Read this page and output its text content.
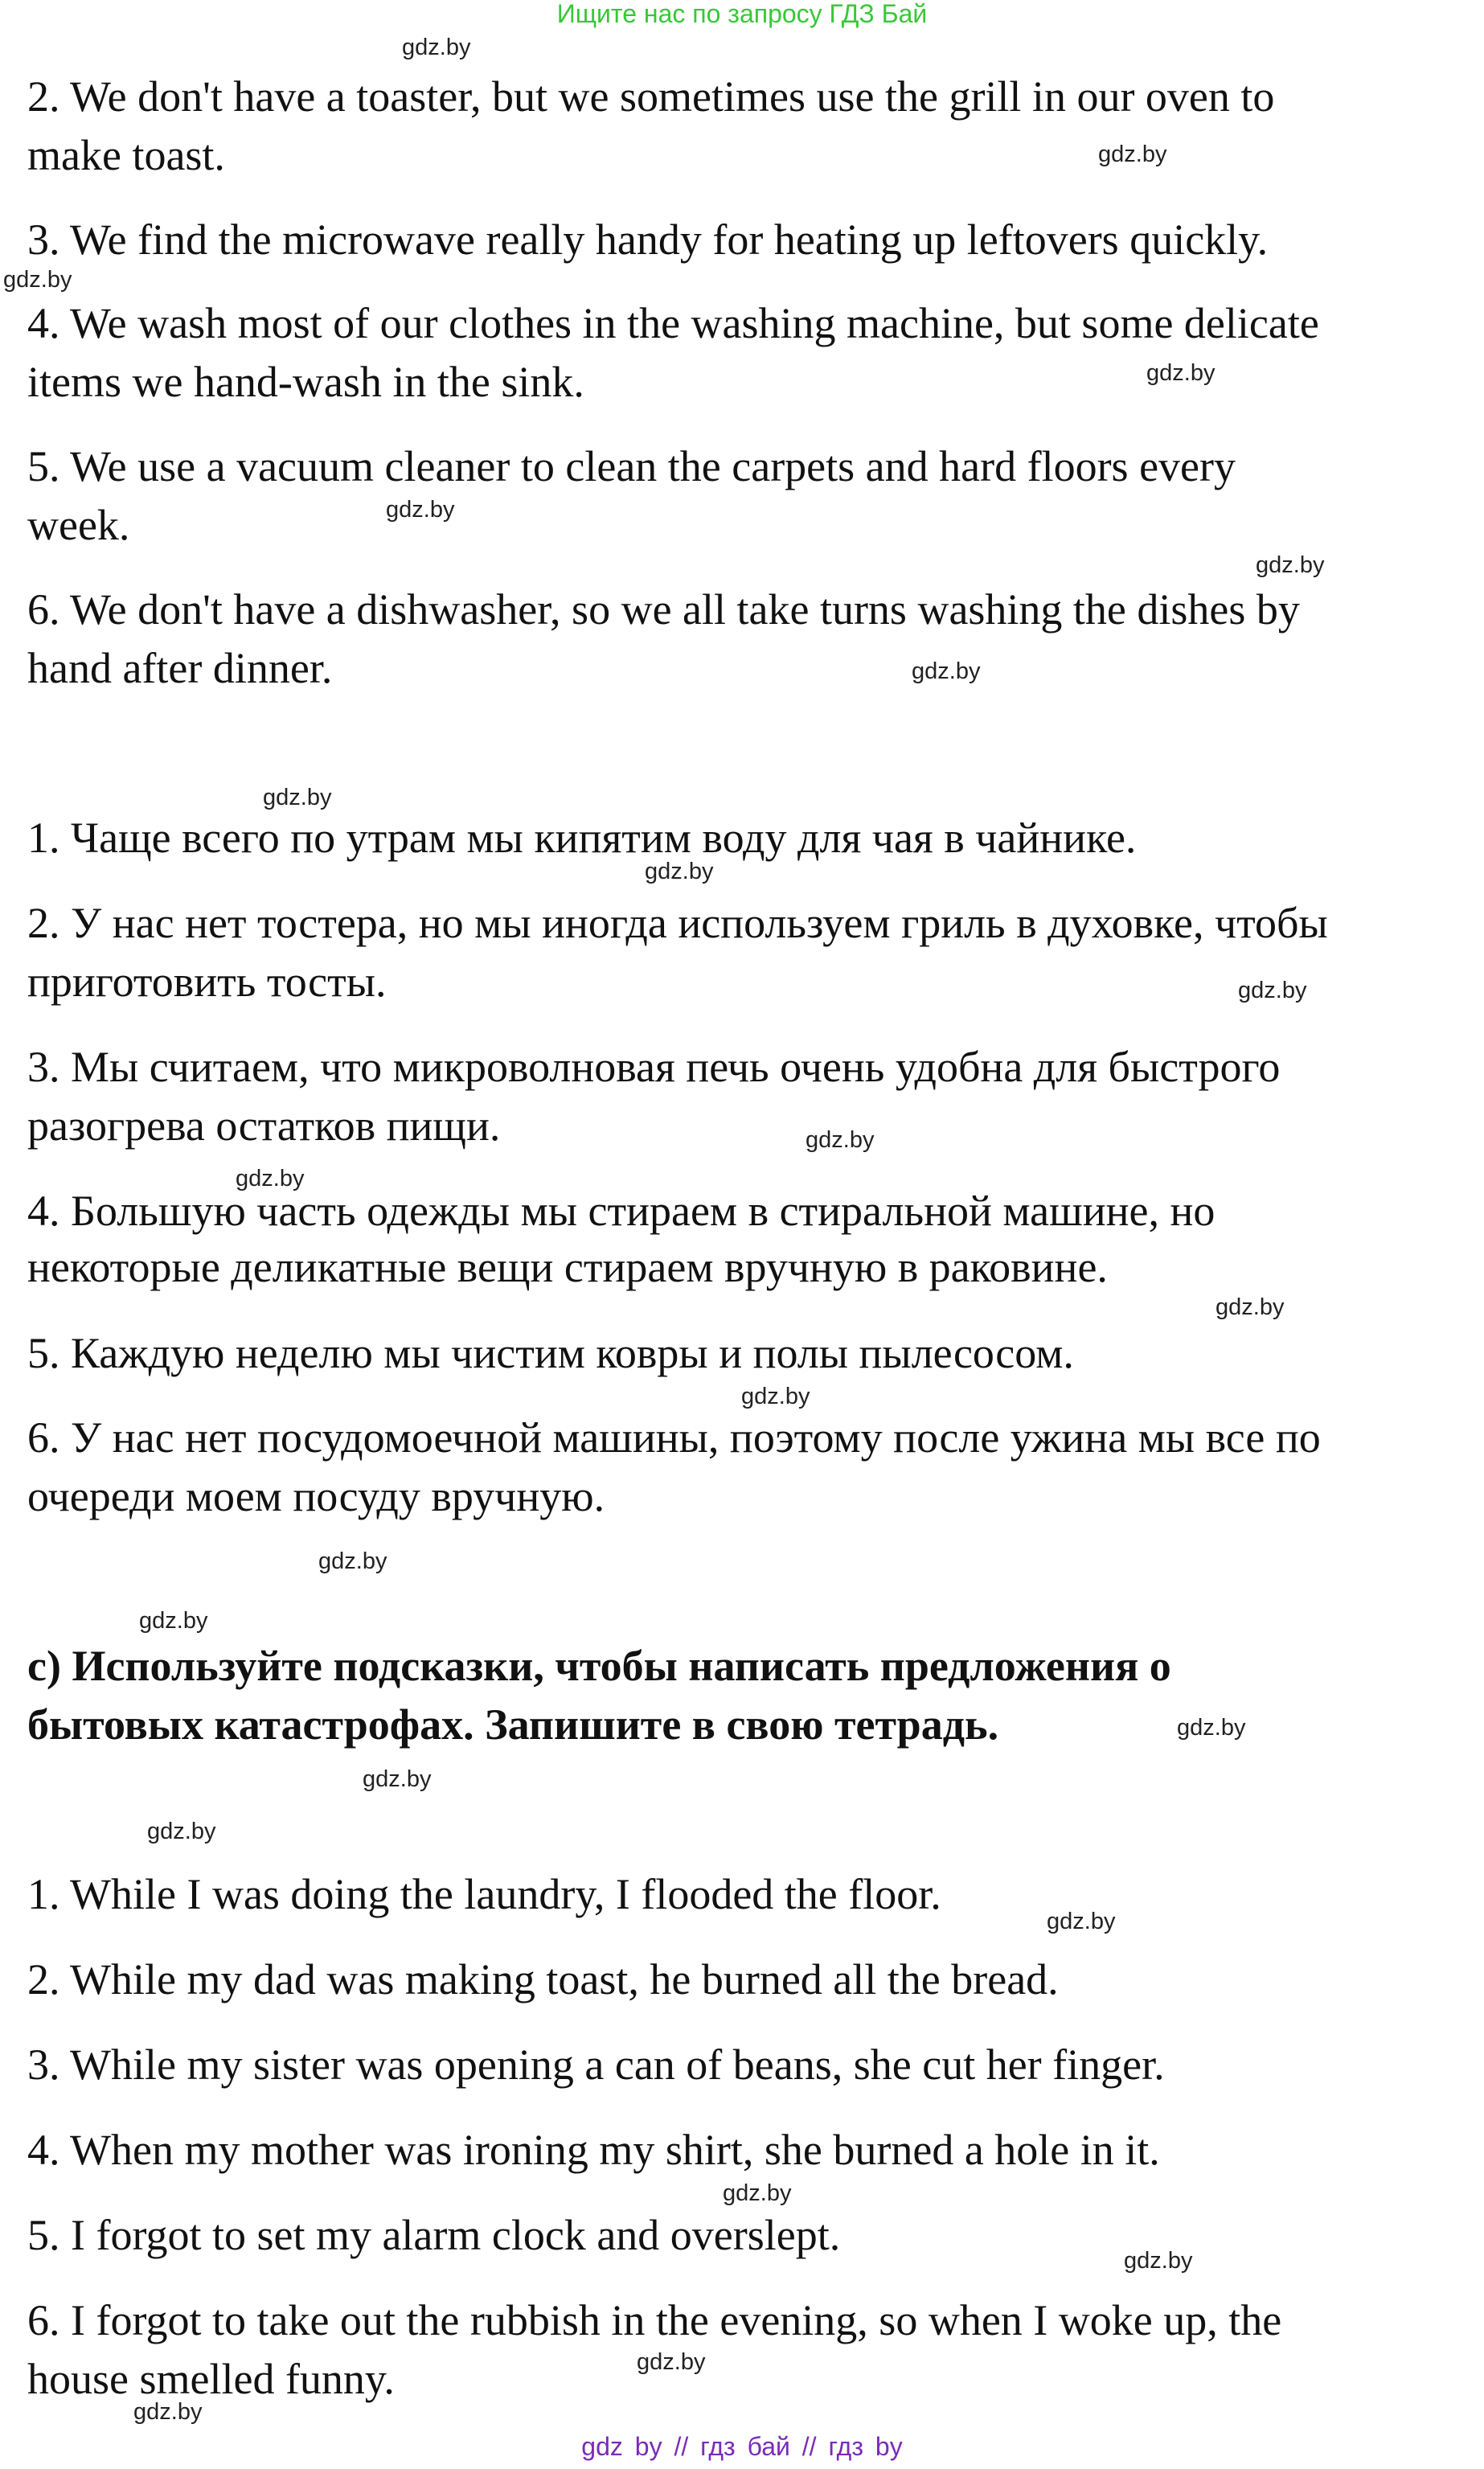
Ищите нас по запросу ГДЗ Бай
2. We don't have a toaster, but we sometimes use the grill in our oven to
make toast.
3. We find the microwave really handy for heating up leftovers quickly.
4. We wash most of our clothes in the washing machine, but some delicate
items we hand-wash in the sink.
5. We use a vacuum cleaner to clean the carpets and hard floors every
week.
6. We don't have a dishwasher, so we all take turns washing the dishes by
hand after dinner.
1. Чаще всего по утрам мы кипятим воду для чая в чайнике.
2. У нас нет тостера, но мы иногда используем гриль в духовке, чтобы
приготовить тосты.
3. Мы считаем, что микроволновая печь очень удобна для быстрого
разогрева остатков пищи.
4. Большую часть одежды мы стираем в стиральной машине, но
некоторые деликатные вещи стираем вручную в раковине.
5. Каждую неделю мы чистим ковры и полы пылесосом.
6. У нас нет посудомоечной машины, поэтому после ужина мы все по
очереди моем посуду вручную.
c) Используйте подсказки, чтобы написать предложения о
бытовых катастрофах. Запишите в свою тетрадь.
1. While I was doing the laundry, I flooded the floor.
2. While my dad was making toast, he burned all the bread.
3. While my sister was opening a can of beans, she cut her finger.
4. When my mother was ironing my shirt, she burned a hole in it.
5. I forgot to set my alarm clock and overslept.
6. I forgot to take out the rubbish in the evening, so when I woke up, the
house smelled funny.
gdz.by
gdz.by
gdz.by
gdz.by
gdz.by
gdz.by
gdz.by
gdz.by
gdz.by
gdz.by
gdz.by
gdz.by
gdz.by
gdz.by
gdz.by
gdz.by
gdz.by
gdz.by
gdz.by
gdz.by
gdz.by
gdz.by
gdz.by
gdz.by
gdz by // гдз бай // гдз by
